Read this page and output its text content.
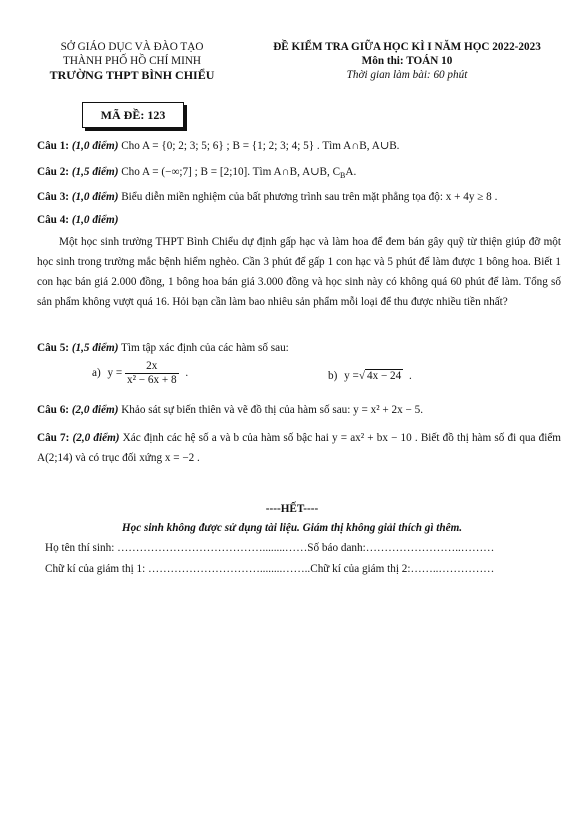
SỞ GIÁO DỤC VÀ ĐÀO TẠO
THÀNH PHỐ HỒ CHÍ MINH
TRƯỜNG THPT BÌNH CHIỂU
ĐỀ KIỂM TRA GIỮA HỌC KÌ I NĂM HỌC 2022-2023
Môn thi: TOÁN 10
Thời gian làm bài: 60 phút
MÃ ĐỀ: 123
Câu 1: (1,0 điểm) Cho A = {0; 2; 3; 5; 6} ; B = {1; 2; 3; 4; 5} . Tìm A∩B, A∪B.
Câu 2: (1,5 điểm) Cho A = (−∞;7] ; B = [2;10]. Tìm A∩B, A∪B, $C_BA$.
Câu 3: (1,0 điểm) Biểu diễn miền nghiệm của bất phương trình sau trên mặt phẳng tọa độ: x + 4y ≥ 8 .
Câu 4: (1,0 điểm)
Một học sinh trường THPT Bình Chiểu dự định gấp hạc và làm hoa để đem bán gây quỹ từ thiện giúp đỡ một học sinh trong trường mắc bệnh hiểm nghèo. Cần 3 phút để gấp 1 con hạc và 5 phút để làm được 1 bông hoa. Biết 1 con hạc bán giá 2.000 đồng, 1 bông hoa bán giá 3.000 đồng và học sinh này có không quá 60 phút để làm. Tổng số sản phẩm không vượt quá 16. Hỏi bạn cần làm bao nhiêu sản phẩm mỗi loại để thu được nhiều tiền nhất?
Câu 5: (1,5 điểm) Tìm tập xác định của các hàm số sau:
a) $y = \frac{2x}{\text{x² − 6x + 8}}$ .	b) y =√ 4x − 24 .
Câu 6: (2,0 điểm) Khảo sát sự biến thiên và vẽ đồ thị của hàm số sau: y = x² + 2x − 5.
Câu 7: (2,0 điểm) Xác định các hệ số a và b của hàm số bậc hai y = ax² + bx − 10 . Biết đồ thị hàm số đi qua điểm A(2;14) và có trục đối xứng x = −2 .
----HẾT----
Học sinh không được sử dụng tài liệu. Giám thị không giải thích gì thêm.
Họ tên thí sinh: …………………………………........……Số báo danh:……………………..………
Chữ kí của giám thị 1: …………………………........……..Chữ kí của giám thị 2:……..……………
